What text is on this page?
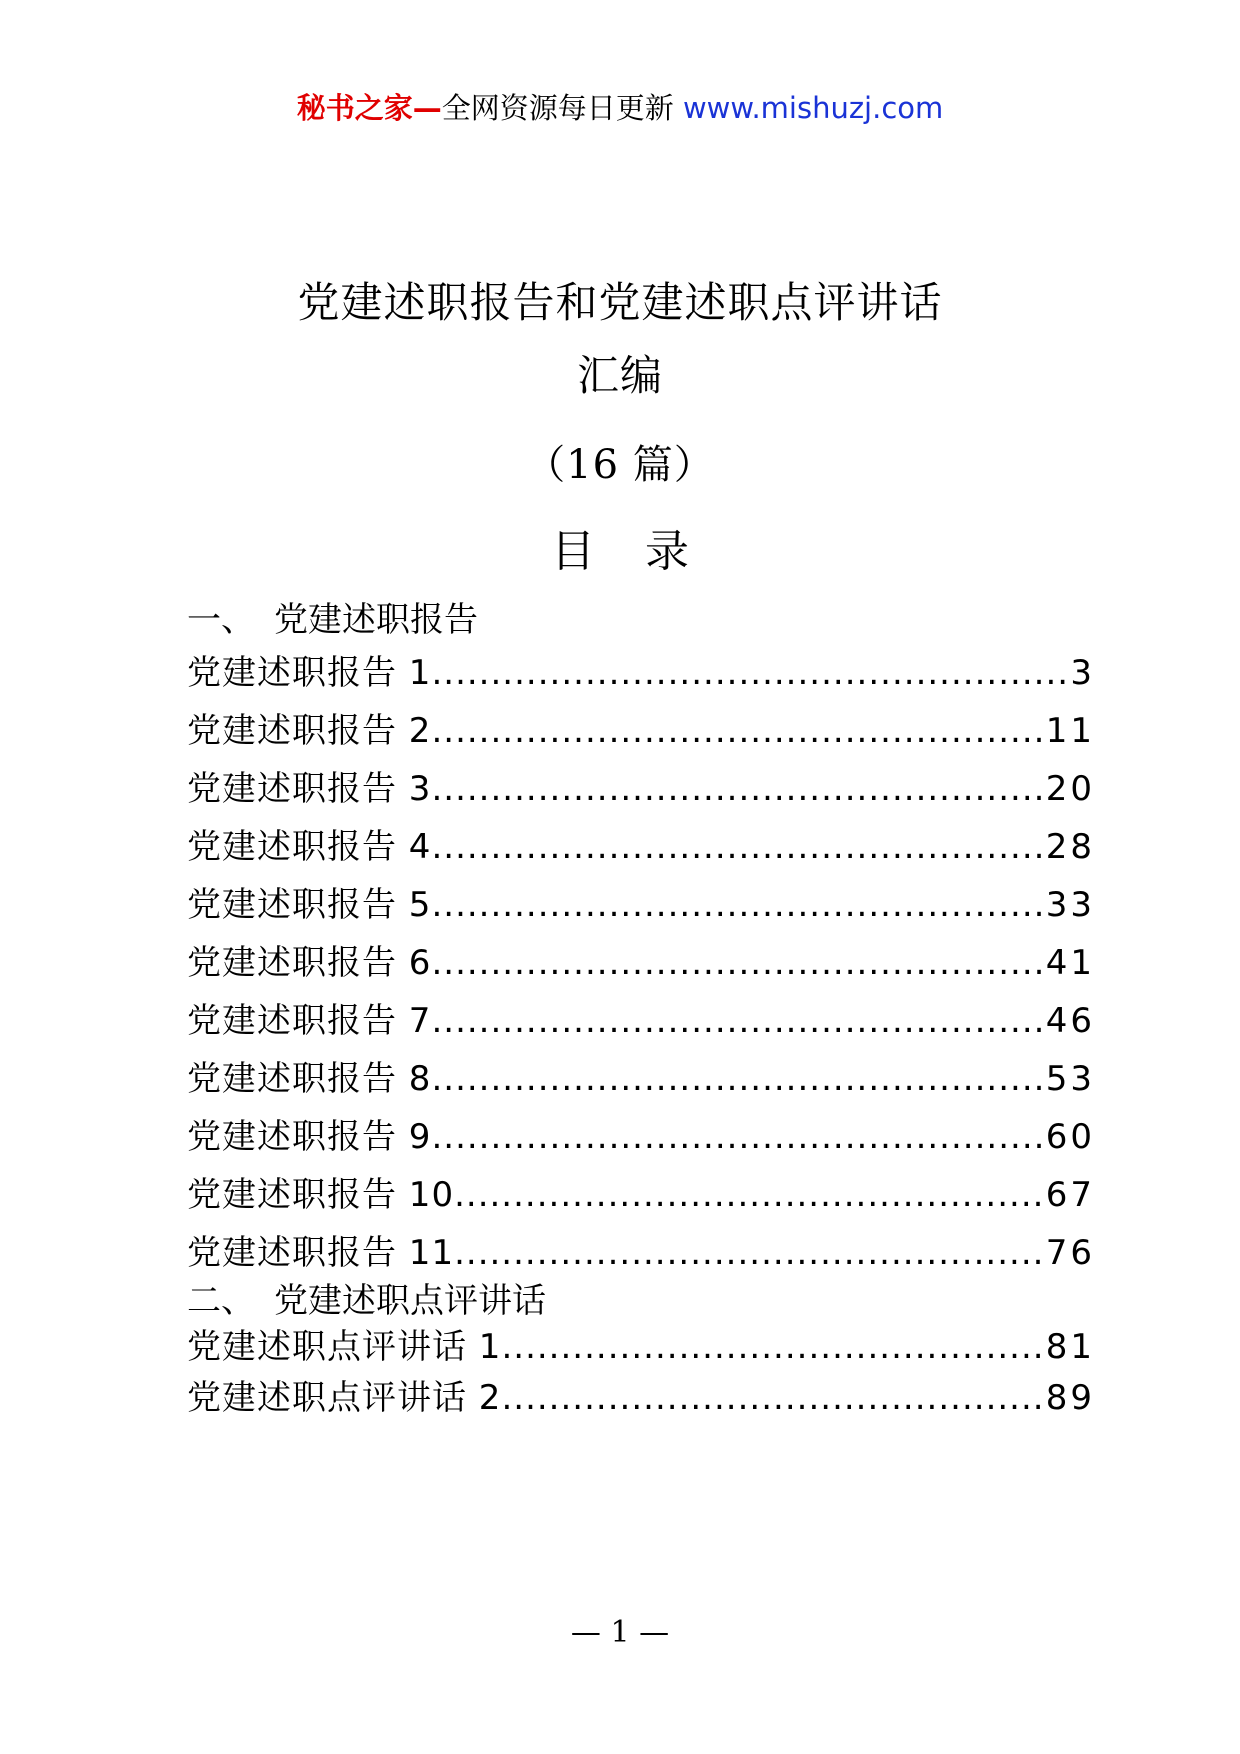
秘书之家—全网资源每日更新 www.mishuzj.com
党建述职报告和党建述职点评讲话
汇编
（16 篇）
目录
一、 党建述职报告
党建述职报告 1 .....	3
党建述职报告 2 .....	11
党建述职报告 3 .....	20
党建述职报告 4 .....	28
党建述职报告 5 .....	33
党建述职报告 6 .....	41
党建述职报告 7 .....	46
党建述职报告 8 .....	53
党建述职报告 9 .....	60
党建述职报告 10 .....	67
党建述职报告 11 .....	76
二、 党建述职点评讲话
党建述职点评讲话 1 .....	81
党建述职点评讲话 2 .....	89
— 1 —
